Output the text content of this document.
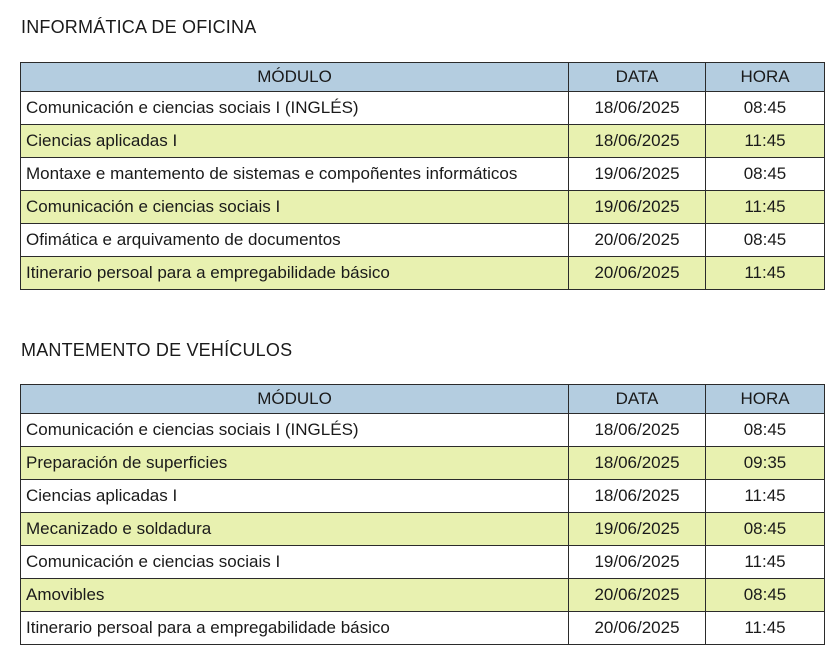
INFORMÁTICA DE OFICINA
MÓDULO	DATA	HORA
Comunicación e ciencias sociais I (INGLÉS)	18/06/2025	08:45
Ciencias aplicadas I	18/06/2025	11:45
Montaxe e mantemento de sistemas e compoñentes informáticos	19/06/2025	08:45
Comunicación e ciencias sociais I	19/06/2025	11:45
Ofimática e arquivamento de documentos	20/06/2025	08:45
Itinerario persoal para a empregabilidade básico	20/06/2025	11:45
MANTEMENTO DE VEHÍCULOS
MÓDULO	DATA	HORA
Comunicación e ciencias sociais I (INGLÉS)	18/06/2025	08:45
Preparación de superficies	18/06/2025	09:35
Ciencias aplicadas I	18/06/2025	11:45
Mecanizado e soldadura	19/06/2025	08:45
Comunicación e ciencias sociais I	19/06/2025	11:45
Amovibles	20/06/2025	08:45
Itinerario persoal para a empregabilidade básico	20/06/2025	11:45
